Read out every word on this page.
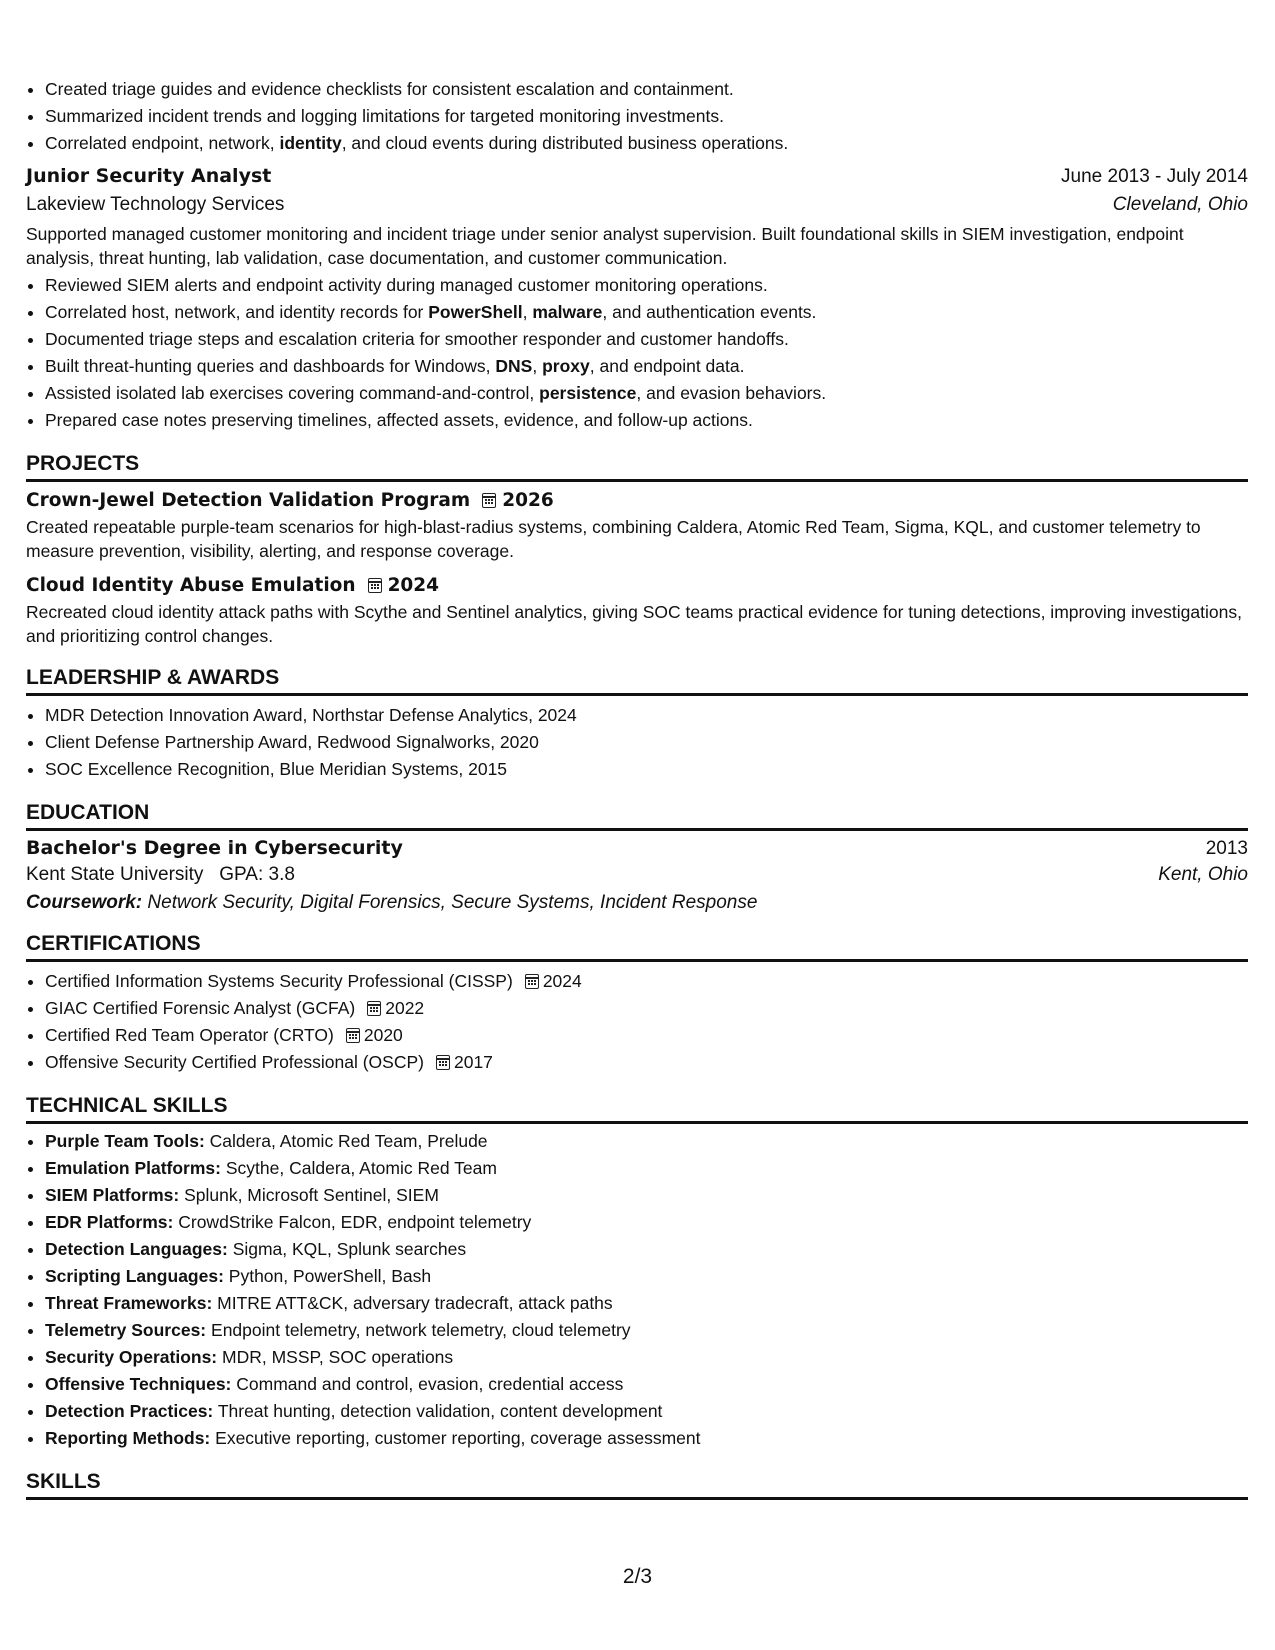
• Created triage guides and evidence checklists for consistent escalation and containment.
• Summarized incident trends and logging limitations for targeted monitoring investments.
• Correlated endpoint, network, identity, and cloud events during distributed business operations.
Junior Security Analyst	June 2013 - July 2014
Lakeview Technology Services	Cleveland, Ohio
Supported managed customer monitoring and incident triage under senior analyst supervision. Built foundational skills in SIEM investigation, endpoint analysis, threat hunting, lab validation, case documentation, and customer communication.
• Reviewed SIEM alerts and endpoint activity during managed customer monitoring operations.
• Correlated host, network, and identity records for PowerShell, malware, and authentication events.
• Documented triage steps and escalation criteria for smoother responder and customer handoffs.
• Built threat-hunting queries and dashboards for Windows, DNS, proxy, and endpoint data.
• Assisted isolated lab exercises covering command-and-control, persistence, and evasion behaviors.
• Prepared case notes preserving timelines, affected assets, evidence, and follow-up actions.
PROJECTS
Crown-Jewel Detection Validation Program 2026
Created repeatable purple-team scenarios for high-blast-radius systems, combining Caldera, Atomic Red Team, Sigma, KQL, and customer telemetry to measure prevention, visibility, alerting, and response coverage.
Cloud Identity Abuse Emulation 2024
Recreated cloud identity attack paths with Scythe and Sentinel analytics, giving SOC teams practical evidence for tuning detections, improving investigations, and prioritizing control changes.
LEADERSHIP & AWARDS
• MDR Detection Innovation Award, Northstar Defense Analytics, 2024
• Client Defense Partnership Award, Redwood Signalworks, 2020
• SOC Excellence Recognition, Blue Meridian Systems, 2015
EDUCATION
Bachelor's Degree in Cybersecurity	2013
Kent State University GPA: 3.8	Kent, Ohio
Coursework: Network Security, Digital Forensics, Secure Systems, Incident Response
CERTIFICATIONS
• Certified Information Systems Security Professional (CISSP) 2024
• GIAC Certified Forensic Analyst (GCFA) 2022
• Certified Red Team Operator (CRTO) 2020
• Offensive Security Certified Professional (OSCP) 2017
TECHNICAL SKILLS
• Purple Team Tools: Caldera, Atomic Red Team, Prelude
• Emulation Platforms: Scythe, Caldera, Atomic Red Team
• SIEM Platforms: Splunk, Microsoft Sentinel, SIEM
• EDR Platforms: CrowdStrike Falcon, EDR, endpoint telemetry
• Detection Languages: Sigma, KQL, Splunk searches
• Scripting Languages: Python, PowerShell, Bash
• Threat Frameworks: MITRE ATT&CK, adversary tradecraft, attack paths
• Telemetry Sources: Endpoint telemetry, network telemetry, cloud telemetry
• Security Operations: MDR, MSSP, SOC operations
• Offensive Techniques: Command and control, evasion, credential access
• Detection Practices: Threat hunting, detection validation, content development
• Reporting Methods: Executive reporting, customer reporting, coverage assessment
SKILLS
2/3
